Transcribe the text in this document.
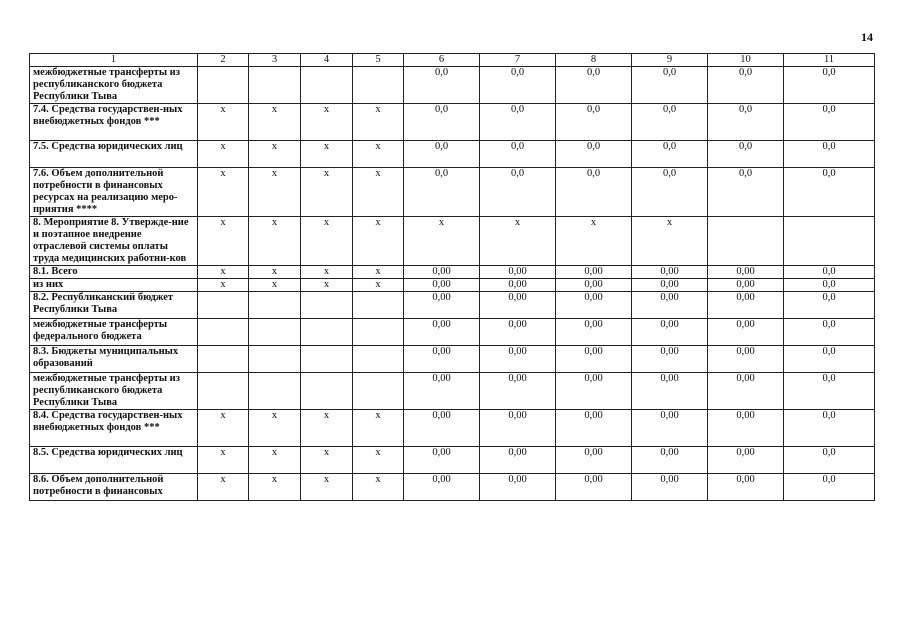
14
1	2	3	4	5	6	7	8	9	10	11
межбюджетные трансферты из республиканского бюджета Республики Тыва					0,0	0,0	0,0	0,0	0,0	0,0
7.4. Средства государствен-ных внебюджетных фондов ***	x	x	x	x	0,0	0,0	0,0	0,0	0,0	0,0
7.5. Средства юридических лиц	x	x	x	x	0,0	0,0	0,0	0,0	0,0	0,0
7.6. Объем дополнительной потребности в финансовых ресурсах на реализацию меро-приятия ****	x	x	x	x	0,0	0,0	0,0	0,0	0,0	0,0
8. Мероприятие 8. Утвержде-ние и поэтапное внедрение отраслевой системы оплаты труда медицинских работни-ков	x	x	x	x	x	x	x	x		
8.1. Всего	x	x	x	x	0,00	0,00	0,00	0,00	0,00	0,0
из них	x	x	x	x	0,00	0,00	0,00	0,00	0,00	0,0
8.2. Республиканский бюджет Республики Тыва					0,00	0,00	0,00	0,00	0,00	0,0
межбюджетные трансферты федерального бюджета					0,00	0,00	0,00	0,00	0,00	0,0
8.3. Бюджеты муниципальных образований					0,00	0,00	0,00	0,00	0,00	0,0
межбюджетные трансферты из республиканского бюджета Республики Тыва					0,00	0,00	0,00	0,00	0,00	0,0
8.4. Средства государствен-ных внебюджетных фондов ***	x	x	x	x	0,00	0,00	0,00	0,00	0,00	0,0
8.5. Средства юридических лиц	x	x	x	x	0,00	0,00	0,00	0,00	0,00	0,0
8.6. Объем дополнительной потребности в финансовых	x	x	x	x	0,00	0,00	0,00	0,00	0,00	0,0
